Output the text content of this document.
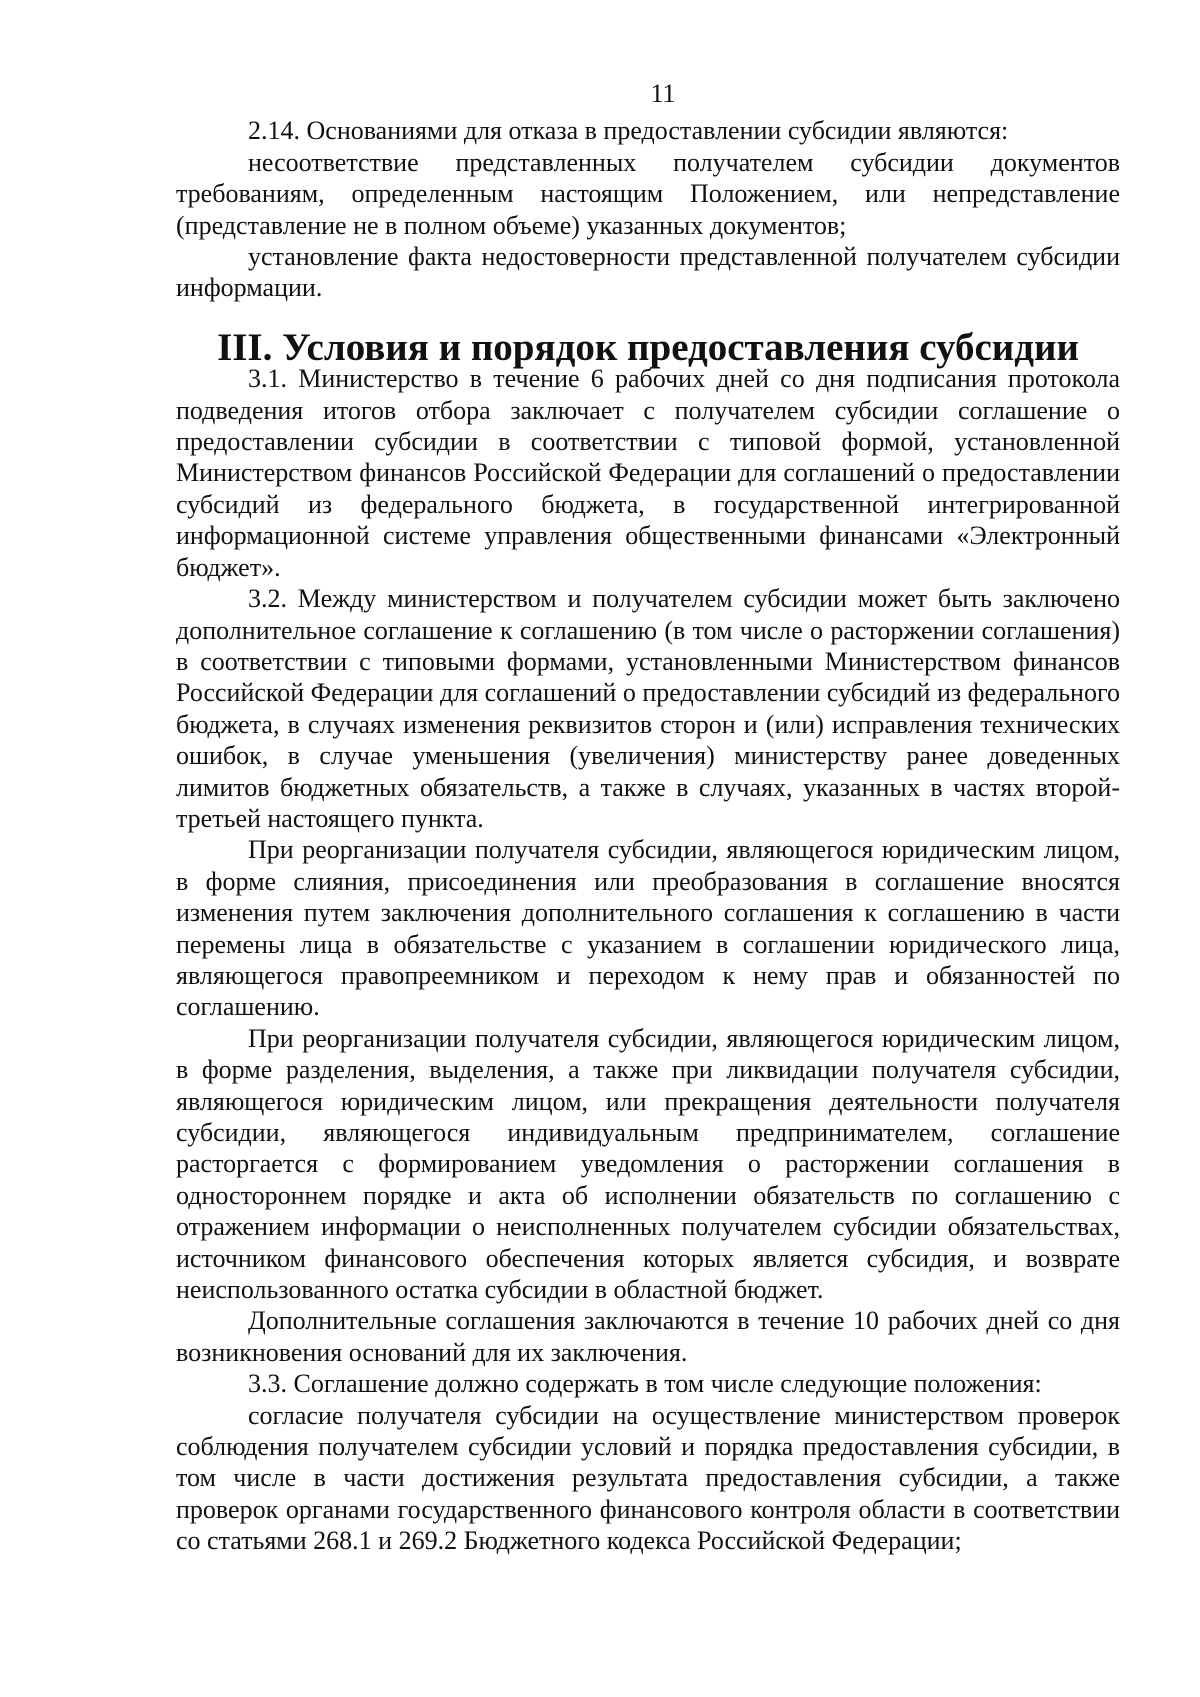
11

2.14. Основаниями для отказа в предоставлении субсидии являются:

несоответствие представленных получателем субсидии документов требованиям, определенным настоящим Положением, или непредставление (представление не в полном объеме) указанных документов;

установление факта недостоверности представленной получателем субсидии информации.

III. Условия и порядок предоставления субсидии

3.1. Министерство в течение 6 рабочих дней со дня подписания протокола подведения итогов отбора заключает с получателем субсидии соглашение о предоставлении субсидии в соответствии с типовой формой, установленной Министерством финансов Российской Федерации для соглашений о предоставлении субсидий из федерального бюджета, в государственной интегрированной информационной системе управления общественными финансами «Электронный бюджет».

3.2. Между министерством и получателем субсидии может быть заключено дополнительное соглашение к соглашению (в том числе о расторжении соглашения) в соответствии с типовыми формами, установленными Министерством финансов Российской Федерации для соглашений о предоставлении субсидий из федерального бюджета, в случаях изменения реквизитов сторон и (или) исправления технических ошибок, в случае уменьшения (увеличения) министерству ранее доведенных лимитов бюджетных обязательств, а также в случаях, указанных в частях второй-третьей настоящего пункта.

При реорганизации получателя субсидии, являющегося юридическим лицом, в форме слияния, присоединения или преобразования в соглашение вносятся изменения путем заключения дополнительного соглашения к соглашению в части перемены лица в обязательстве с указанием в соглашении юридического лица, являющегося правопреемником и переходом к нему прав и обязанностей по соглашению.

При реорганизации получателя субсидии, являющегося юридическим лицом, в форме разделения, выделения, а также при ликвидации получателя субсидии, являющегося юридическим лицом, или прекращения деятельности получателя субсидии, являющегося индивидуальным предпринимателем, соглашение расторгается с формированием уведомления о расторжении соглашения в одностороннем порядке и акта об исполнении обязательств по соглашению с отражением информации о неисполненных получателем субсидии обязательствах, источником финансового обеспечения которых является субсидия, и возврате неиспользованного остатка субсидии в областной бюджет.

Дополнительные соглашения заключаются в течение 10 рабочих дней со дня возникновения оснований для их заключения.

3.3. Соглашение должно содержать в том числе следующие положения:

согласие получателя субсидии на осуществление министерством проверок соблюдения получателем субсидии условий и порядка предоставления субсидии, в том числе в части достижения результата предоставления субсидии, а также проверок органами государственного финансового контроля области в соответствии со статьями 268.1 и 269.2 Бюджетного кодекса Российской Федерации;
